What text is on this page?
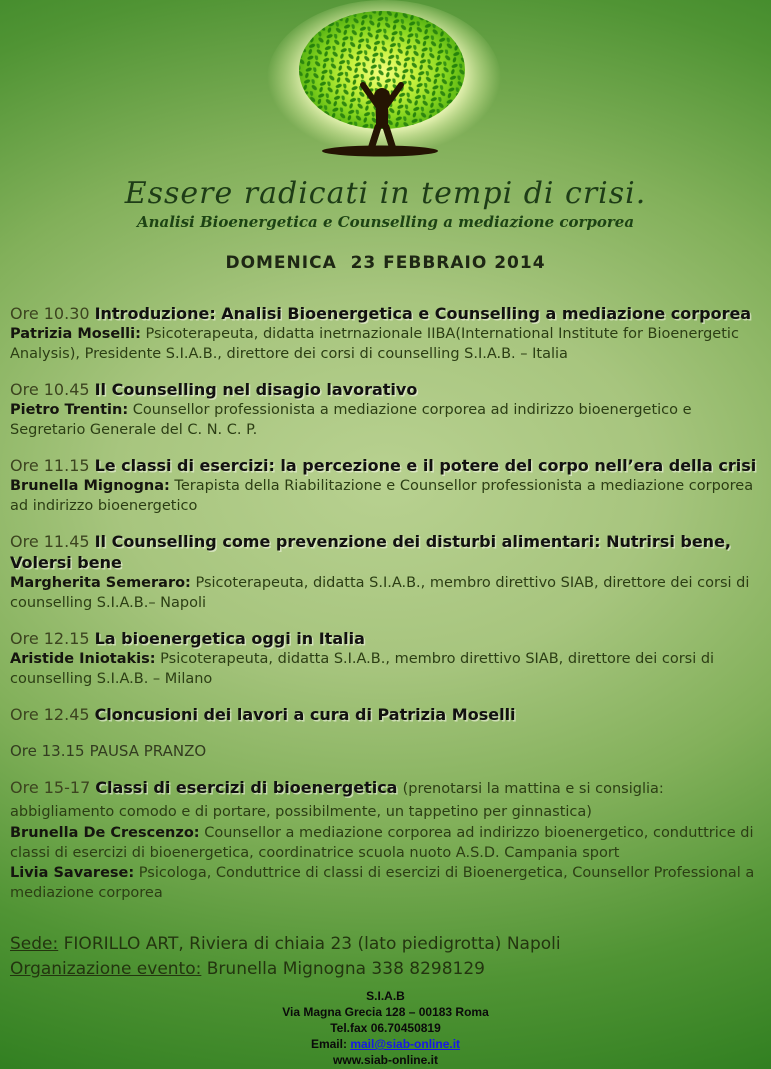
Essere radicati in tempi di crisi.
Analisi Bioenergetica e Counselling a mediazione corporea
DOMENICA  23 FEBBRAIO 2014
Ore 10.30 Introduzione: Analisi Bioenergetica e Counselling a mediazione corporea
Patrizia Moselli: Psicoterapeuta, didatta inetrnazionale IIBA(International Institute for Bioenergetic Analysis), Presidente S.I.A.B., direttore dei corsi di counselling S.I.A.B. – Italia
Ore 10.45 Il Counselling nel disagio lavorativo
Pietro Trentin: Counsellor professionista a mediazione corporea ad indirizzo bioenergetico e Segretario Generale del C. N. C. P.
Ore 11.15 Le classi di esercizi: la percezione e il potere del corpo nell’era della crisi
Brunella Mignogna: Terapista della Riabilitazione e Counsellor professionista a mediazione corporea ad indirizzo bioenergetico
Ore 11.45 Il Counselling come prevenzione dei disturbi alimentari: Nutrirsi bene, Volersi bene
Margherita Semeraro: Psicoterapeuta, didatta S.I.A.B., membro direttivo SIAB, direttore dei corsi di counselling S.I.A.B.– Napoli
Ore 12.15 La bioenergetica oggi in Italia
Aristide Iniotakis: Psicoterapeuta, didatta S.I.A.B., membro direttivo SIAB, direttore dei corsi di counselling S.I.A.B. – Milano
Ore 12.45 Cloncusioni dei lavori a cura di Patrizia Moselli
Ore 13.15 PAUSA PRANZO
Ore 15-17 Classi di esercizi di bioenergetica (prenotarsi la mattina e si consiglia: abbigliamento comodo e di portare, possibilmente, un tappetino per ginnastica)
Brunella De Crescenzo: Counsellor a mediazione corporea ad indirizzo bioenergetico, conduttrice di classi di esercizi di bioenergetica, coordinatrice scuola nuoto A.S.D. Campania sport
Livia Savarese: Psicologa, Conduttrice di classi di esercizi di Bioenergetica, Counsellor Professional a mediazione corporea
Sede: FIORILLO ART, Riviera di chiaia 23 (lato piedigrotta) Napoli
Organizazione evento: Brunella Mignogna 338 8298129
S.I.A.B
Via Magna Grecia 128 – 00183 Roma
Tel.fax 06.70450819
Email: mail@siab-online.it
www.siab-online.it
